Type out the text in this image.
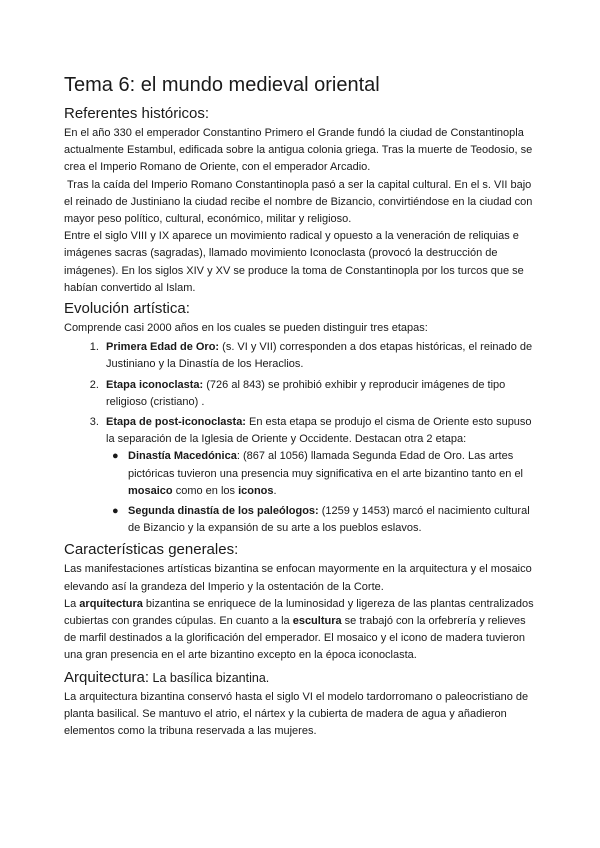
Tema 6: el mundo medieval oriental
Referentes históricos:

En el año 330 el emperador Constantino Primero el Grande fundó la ciudad de Constantinopla actualmente Estambul, edificada sobre la antigua colonia griega. Tras la muerte de Teodosio, se crea el Imperio Romano de Oriente, con el emperador Arcadio.

Tras la caída del Imperio Romano Constantinopla pasó a ser la capital cultural. En el s. VII bajo el reinado de Justiniano la ciudad recibe el nombre de Bizancio, convirtiéndose en la ciudad con mayor peso político, cultural, económico, militar y religioso.

Entre el siglo VIII y IX aparece un movimiento radical y opuesto a la veneración de reliquias e imágenes sacras (sagradas), llamado movimiento Iconoclasta (provocó la destrucción de imágenes). En los siglos XIV y XV se produce la toma de Constantinopla por los turcos que se habían convertido al Islam.

Evolución artística:

Comprende casi 2000 años en los cuales se pueden distinguir tres etapas:

1. Primera Edad de Oro: (s. VI y VII) corresponden a dos etapas históricas, el reinado de Justiniano y la Dinastía de los Heraclios.
2. Etapa iconoclasta: (726 al 843) se prohibió exhibir y reproducir imágenes de tipo religioso (cristiano) .
3. Etapa de post-iconoclasta: En esta etapa se produjo el cisma de Oriente esto supuso la separación de la Iglesia de Oriente y Occidente. Destacan otra 2 etapa:
● Dinastía Macedónica: (867 al 1056) llamada Segunda Edad de Oro. Las artes pictóricas tuvieron una presencia muy significativa en el arte bizantino tanto en el mosaico como en los iconos.
● Segunda dinastía de los paleólogos: (1259 y 1453) marcó el nacimiento cultural de Bizancio y la expansión de su arte a los pueblos eslavos.
Características generales:

Las manifestaciones artísticas bizantina se enfocan mayormente en la arquitectura y el mosaico elevando así la grandeza del Imperio y la ostentación de la Corte.

La arquitectura bizantina se enriquece de la luminosidad y ligereza de las plantas centralizados cubiertas con grandes cúpulas. En cuanto a la escultura se trabajó con la orfebrería y relieves de marfil destinados a la glorificación del emperador. El mosaico y el icono de madera tuvieron una gran presencia en el arte bizantino excepto en la época iconoclasta.

Arquitectura: La basílica bizantina.

La arquitectura bizantina conservó hasta el siglo VI el modelo tardorromano o paleocristiano de planta basilical. Se mantuvo el atrio, el nártex y la cubierta de madera de agua y añadieron elementos como la tribuna reservada a las mujeres.
